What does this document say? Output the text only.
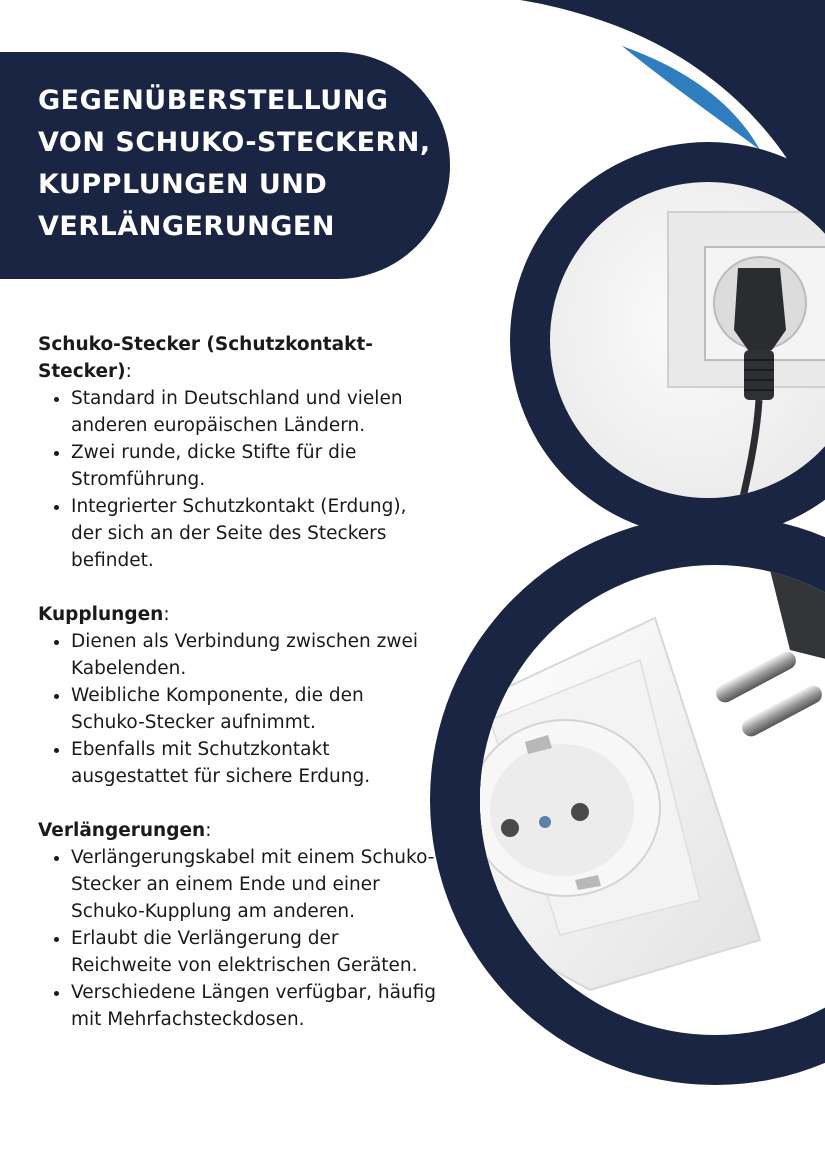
GEGENÜBERSTELLUNG
VON SCHUKO-STECKERN,
KUPPLUNGEN UND
VERLÄNGERUNGEN

Schuko-Stecker (Schutzkontakt-
Stecker):

• Standard in Deutschland und vielen anderen europäischen Ländern.
• Zwei runde, dicke Stifte für die Stromführung.
• Integrierter Schutzkontakt (Erdung), der sich an der Seite des Steckers befindet.

Kupplungen:

• Dienen als Verbindung zwischen zwei Kabelenden.
• Weibliche Komponente, die den Schuko-Stecker aufnimmt.
• Ebenfalls mit Schutzkontakt ausgestattet für sichere Erdung.

Verlängerungen:

• Verlängerungskabel mit einem Schuko-Stecker an einem Ende und einer Schuko-Kupplung am anderen.
• Erlaubt die Verlängerung der Reichweite von elektrischen Geräten.
• Verschiedene Längen verfügbar, häufig mit Mehrfachsteckdosen.
